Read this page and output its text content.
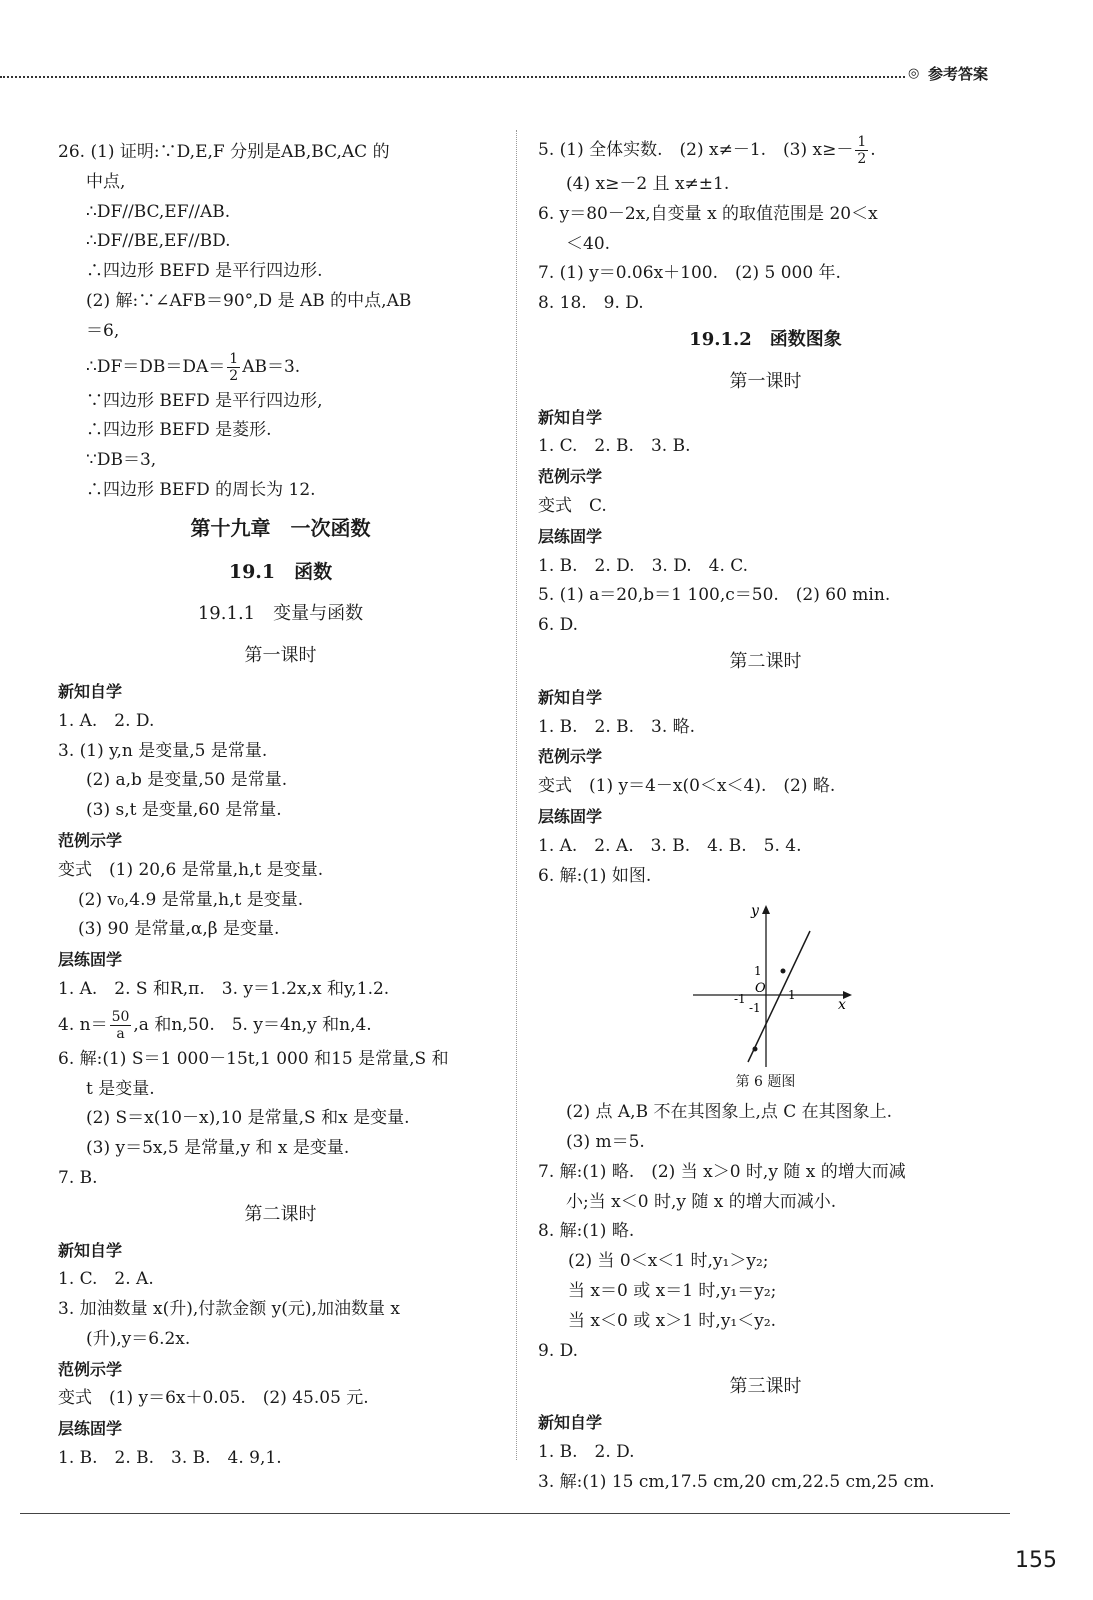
◎ 参考答案
26. (1) 证明:∵D,E,F 分别是AB,BC,AC 的
中点,
∴DF//BC,EF//AB.
∴DF//BE,EF//BD.
∴四边形 BEFD 是平行四边形.
(2) 解:∵∠AFB＝90°,D 是 AB 的中点,AB
＝6,
∴DF＝DB＝DA＝ $\frac{1}{2} AB=3$.
∵四边形 BEFD 是平行四边形,
∴四边形 BEFD 是菱形.
∵DB＝3,
∴四边形 BEFD 的周长为 12.
第十九章　一次函数
19.1　函数
19.1.1　变量与函数
第一课时
新知自学
1. A.　2. D.
3. (1) y,n 是变量,5 是常量.
(2) a,b 是变量,50 是常量.
(3) s,t 是变量,60 是常量.
范例示学
变式　(1) 20,6 是常量,h,t 是变量.
(2) v₀,4.9 是常量,h,t 是变量.
(3) 90 是常量,α,β 是变量.
层练固学
1. A.　2. S 和R,π.　3. y＝1.2x,x 和y,1.2.
4. $n= \frac{50}{a} ,a$ 和n,50.　5. y＝4n,y 和n,4.
6. 解:(1) S＝1 000－15t,1 000 和15 是常量,S 和
t 是变量.
(2) S＝x(10－x),10 是常量,S 和x 是变量.
(3) y＝5x,5 是常量,y 和 x 是变量.
7. B.
第二课时
新知自学
1. C.　2. A.
3. 加油数量 x(升),付款金额 y(元),加油数量 x
(升),y＝6.2x.
范例示学
变式　(1) y＝6x＋0.05.　(2) 45.05 元.
层练固学
1. B.　2. B.　3. B.　4. 9,1.
5. (1) 全体实数.　(2) x≠－1.　(3) $x\ge- \frac{1}{2}$ .
(4) x≥－2 且 x≠±1.
6. y＝80－2x,自变量 x 的取值范围是 20＜x
＜40.
7. (1) y＝0.06x＋100.　(2) 5 000 年.
8. 18.　9. D.
19.1.2　函数图象
第一课时
新知自学
1. C.　2. B.　3. B.
范例示学
变式　C.
层练固学
1. B.　2. D.　3. D.　4. C.
5. (1) a＝20,b＝1 100,c＝50.　(2) 60 min.
6. D.
第二课时
新知自学
1. B.　2. B.　3. 略.
范例示学
变式　(1) y＝4－x(0＜x＜4).　(2) 略.
层练固学
1. A.　2. A.　3. B.　4. B.　5. 4.
6. 解:(1) 如图.
y
x
1
O
-1	1
-1
第 6 题图
(2) 点 A,B 不在其图象上,点 C 在其图象上.
(3) m＝5.
7. 解:(1) 略.　(2) 当 x＞0 时,y 随 x 的增大而减
小;当 x＜0 时,y 随 x 的增大而减小.
8. 解:(1) 略.
(2) 当 0＜x＜1 时,y₁＞y₂;
当 x＝0 或 x＝1 时,y₁＝y₂;
当 x＜0 或 x＞1 时,y₁＜y₂.
9. D.
第三课时
新知自学
1. B.　2. D.
3. 解:(1) 15 cm,17.5 cm,20 cm,22.5 cm,25 cm.
155
